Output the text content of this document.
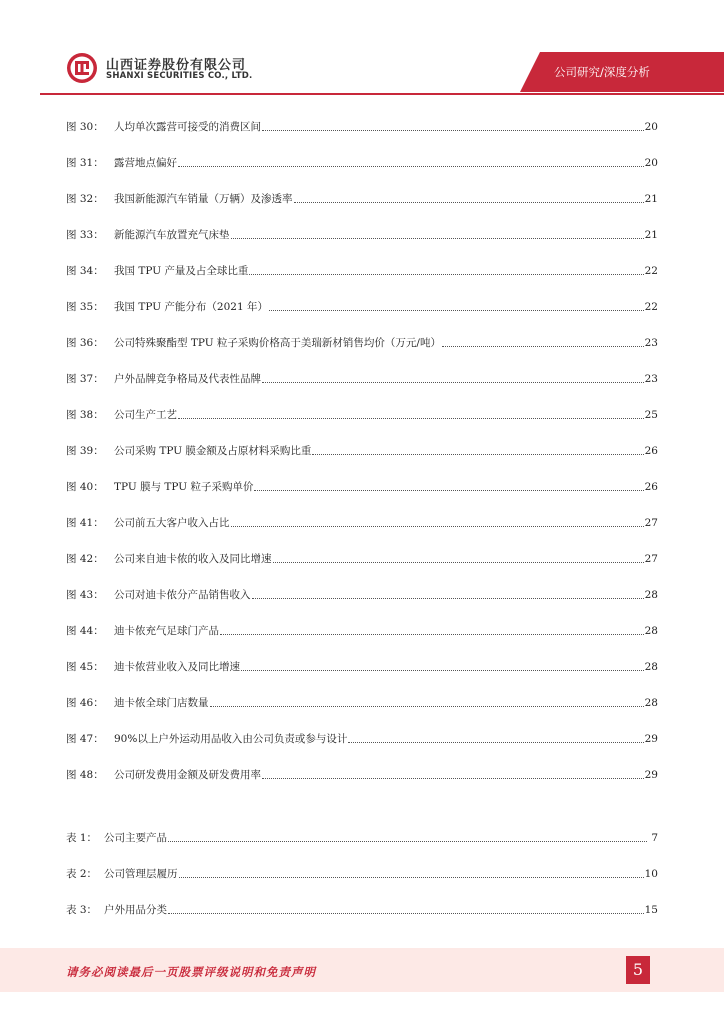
山西证券股份有限公司
SHANXI SECURITIES CO., LTD.	公司研究/深度分析
图 30： 人均单次露营可接受的消费区间	20
图 31： 露营地点偏好	20
图 32： 我国新能源汽车销量（万辆）及渗透率	21
图 33： 新能源汽车放置充气床垫	21
图 34： 我国 TPU 产量及占全球比重	22
图 35： 我国 TPU 产能分布（2021 年）	22
图 36： 公司特殊聚酯型 TPU 粒子采购价格高于美瑞新材销售均价（万元/吨）	23
图 37： 户外品牌竞争格局及代表性品牌	23
图 38： 公司生产工艺	25
图 39： 公司采购 TPU 膜金额及占原材料采购比重	26
图 40： TPU 膜与 TPU 粒子采购单价	26
图 41： 公司前五大客户收入占比	27
图 42： 公司来自迪卡侬的收入及同比增速	27
图 43： 公司对迪卡侬分产品销售收入	28
图 44： 迪卡侬充气足球门产品	28
图 45： 迪卡侬营业收入及同比增速	28
图 46： 迪卡侬全球门店数量	28
图 47： 90%以上户外运动用品收入由公司负责或参与设计	29
图 48： 公司研发费用金额及研发费用率	29
表 1： 公司主要产品	7
表 2： 公司管理层履历	10
表 3： 户外用品分类	15
请务必阅读最后一页股票评级说明和免责声明	5
